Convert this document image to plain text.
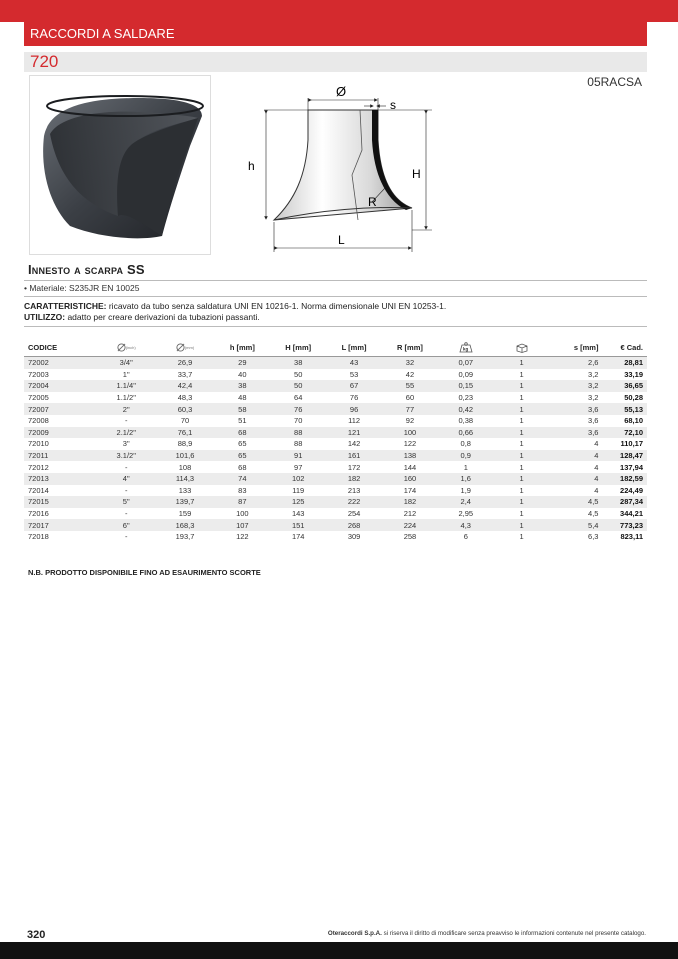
RACCORDI A SALDARE
720
05RACSA
Ø
s
h
H
R
L
Innesto a scarpa SS
• Materiale: S235JR EN 10025
CARATTERISTICHE: ricavato da tubo senza saldatura UNI EN 10216-1. Norma dimensionale UNI EN 10253-1.
UTILIZZO: adatto per creare derivazioni da tubazioni passanti.
CODICE	(inch)	(mm)	h [mm]	H [mm]	L [mm]	R [mm]	kg		s [mm]	€ Cad.
72002	3/4"	26,9	29	38	43	32	0,07	1	2,6	28,81
72003	1"	33,7	40	50	53	42	0,09	1	3,2	33,19
72004	1.1/4"	42,4	38	50	67	55	0,15	1	3,2	36,65
72005	1.1/2"	48,3	48	64	76	60	0,23	1	3,2	50,28
72007	2"	60,3	58	76	96	77	0,42	1	3,6	55,13
72008	-	70	51	70	112	92	0,38	1	3,6	68,10
72009	2.1/2"	76,1	68	88	121	100	0,66	1	3,6	72,10
72010	3"	88,9	65	88	142	122	0,8	1	4	110,17
72011	3.1/2"	101,6	65	91	161	138	0,9	1	4	128,47
72012	-	108	68	97	172	144	1	1	4	137,94
72013	4"	114,3	74	102	182	160	1,6	1	4	182,59
72014	-	133	83	119	213	174	1,9	1	4	224,49
72015	5"	139,7	87	125	222	182	2,4	1	4,5	287,34
72016	-	159	100	143	254	212	2,95	1	4,5	344,21
72017	6"	168,3	107	151	268	224	4,3	1	5,4	773,23
72018	-	193,7	122	174	309	258	6	1	6,3	823,11
N.B. PRODOTTO DISPONIBILE FINO AD ESAURIMENTO SCORTE
320	Oteraccordi S.p.A. si riserva il diritto di modificare senza preavviso le informazioni contenute nel presente catalogo.
